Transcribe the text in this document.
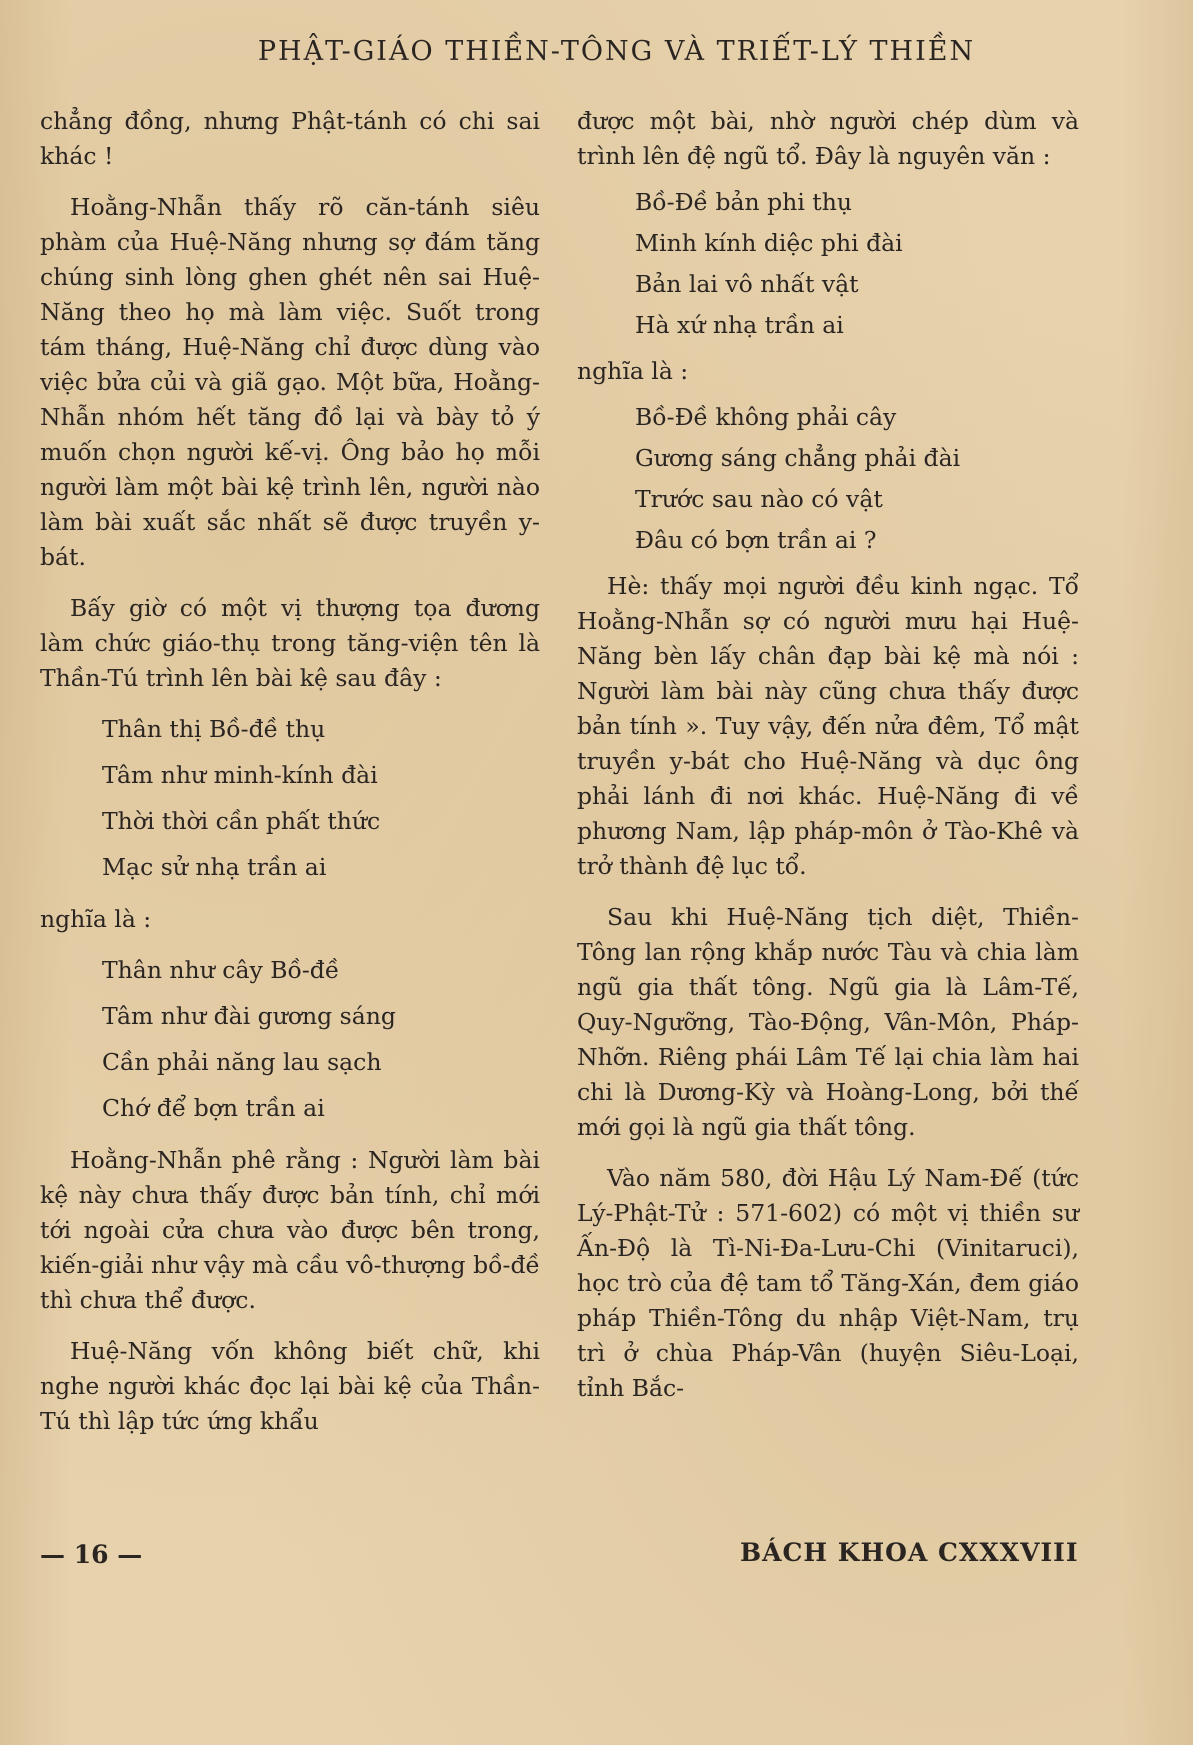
PHẬT-GIÁO THIỀN-TÔNG VÀ TRIẾT-LÝ THIỀN

chẳng đồng, nhưng Phật-tánh có chi sai khác !

Hoằng-Nhẫn thấy rõ căn-tánh siêu phàm của Huệ-Năng nhưng sợ đám tăng chúng sinh lòng ghen ghét nên sai Huệ-Năng theo họ mà làm việc. Suốt trong tám tháng, Huệ-Năng chỉ được dùng vào việc bửa củi và giã gạo. Một bữa, Hoằng-Nhẫn nhóm hết tăng đồ lại và bày tỏ ý muốn chọn người kế-vị. Ông bảo họ mỗi người làm một bài kệ trình lên, người nào làm bài xuất sắc nhất sẽ được truyền y-bát.

Bấy giờ có một vị thượng tọa đương làm chức giáo-thụ trong tăng-viện tên là Thần-Tú trình lên bài kệ sau đây :

Thân thị Bồ-đề thụ
Tâm như minh-kính đài
Thời thời cần phất thức
Mạc sử nhạ trần ai

nghĩa là :

Thân như cây Bồ-đề
Tâm như đài gương sáng
Cần phải năng lau sạch
Chớ để bợn trần ai

Hoằng-Nhẫn phê rằng : Người làm bài kệ này chưa thấy được bản tính, chỉ mới tới ngoài cửa chưa vào được bên trong, kiến-giải như vậy mà cầu vô-thượng bồ-đề thì chưa thể được.

Huệ-Năng vốn không biết chữ, khi nghe người khác đọc lại bài kệ của Thần-Tú thì lập tức ứng khẩu

được một bài, nhờ người chép dùm và trình lên đệ ngũ tổ. Đây là nguyên văn :

Bồ-Đề bản phi thụ
Minh kính diệc phi đài
Bản lai vô nhất vật
Hà xứ nhạ trần ai

nghĩa là :

Bồ-Đề không phải cây
Gương sáng chẳng phải đài
Trước sau nào có vật
Đâu có bợn trần ai ?

Hè: thấy mọi người đều kinh ngạc. Tổ Hoằng-Nhẫn sợ có người mưu hại Huệ-Năng bèn lấy chân đạp bài kệ mà nói : Người làm bài này cũng chưa thấy được bản tính ». Tuy vậy, đến nửa đêm, Tổ mật truyền y-bát cho Huệ-Năng và dục ông phải lánh đi nơi khác. Huệ-Năng đi về phương Nam, lập pháp-môn ở Tào-Khê và trở thành đệ lục tổ.

Sau khi Huệ-Năng tịch diệt, Thiền-Tông lan rộng khắp nước Tàu và chia làm ngũ gia thất tông. Ngũ gia là Lâm-Tế, Quy-Ngưỡng, Tào-Động, Vân-Môn, Pháp-Nhỡn. Riêng phái Lâm Tế lại chia làm hai chi là Dương-Kỳ và Hoàng-Long, bởi thế mới gọi là ngũ gia thất tông.

Vào năm 580, đời Hậu Lý Nam-Đế (tức Lý-Phật-Tử : 571-602) có một vị thiền sư Ấn-Độ là Tì-Ni-Đa-Lưu-Chi (Vinitaruci), học trò của đệ tam tổ Tăng-Xán, đem giáo pháp Thiền-Tông du nhập Việt-Nam, trụ trì ở chùa Pháp-Vân (huyện Siêu-Loại, tỉnh Bắc-

— 16 —	BÁCH KHOA CXXXVIII
